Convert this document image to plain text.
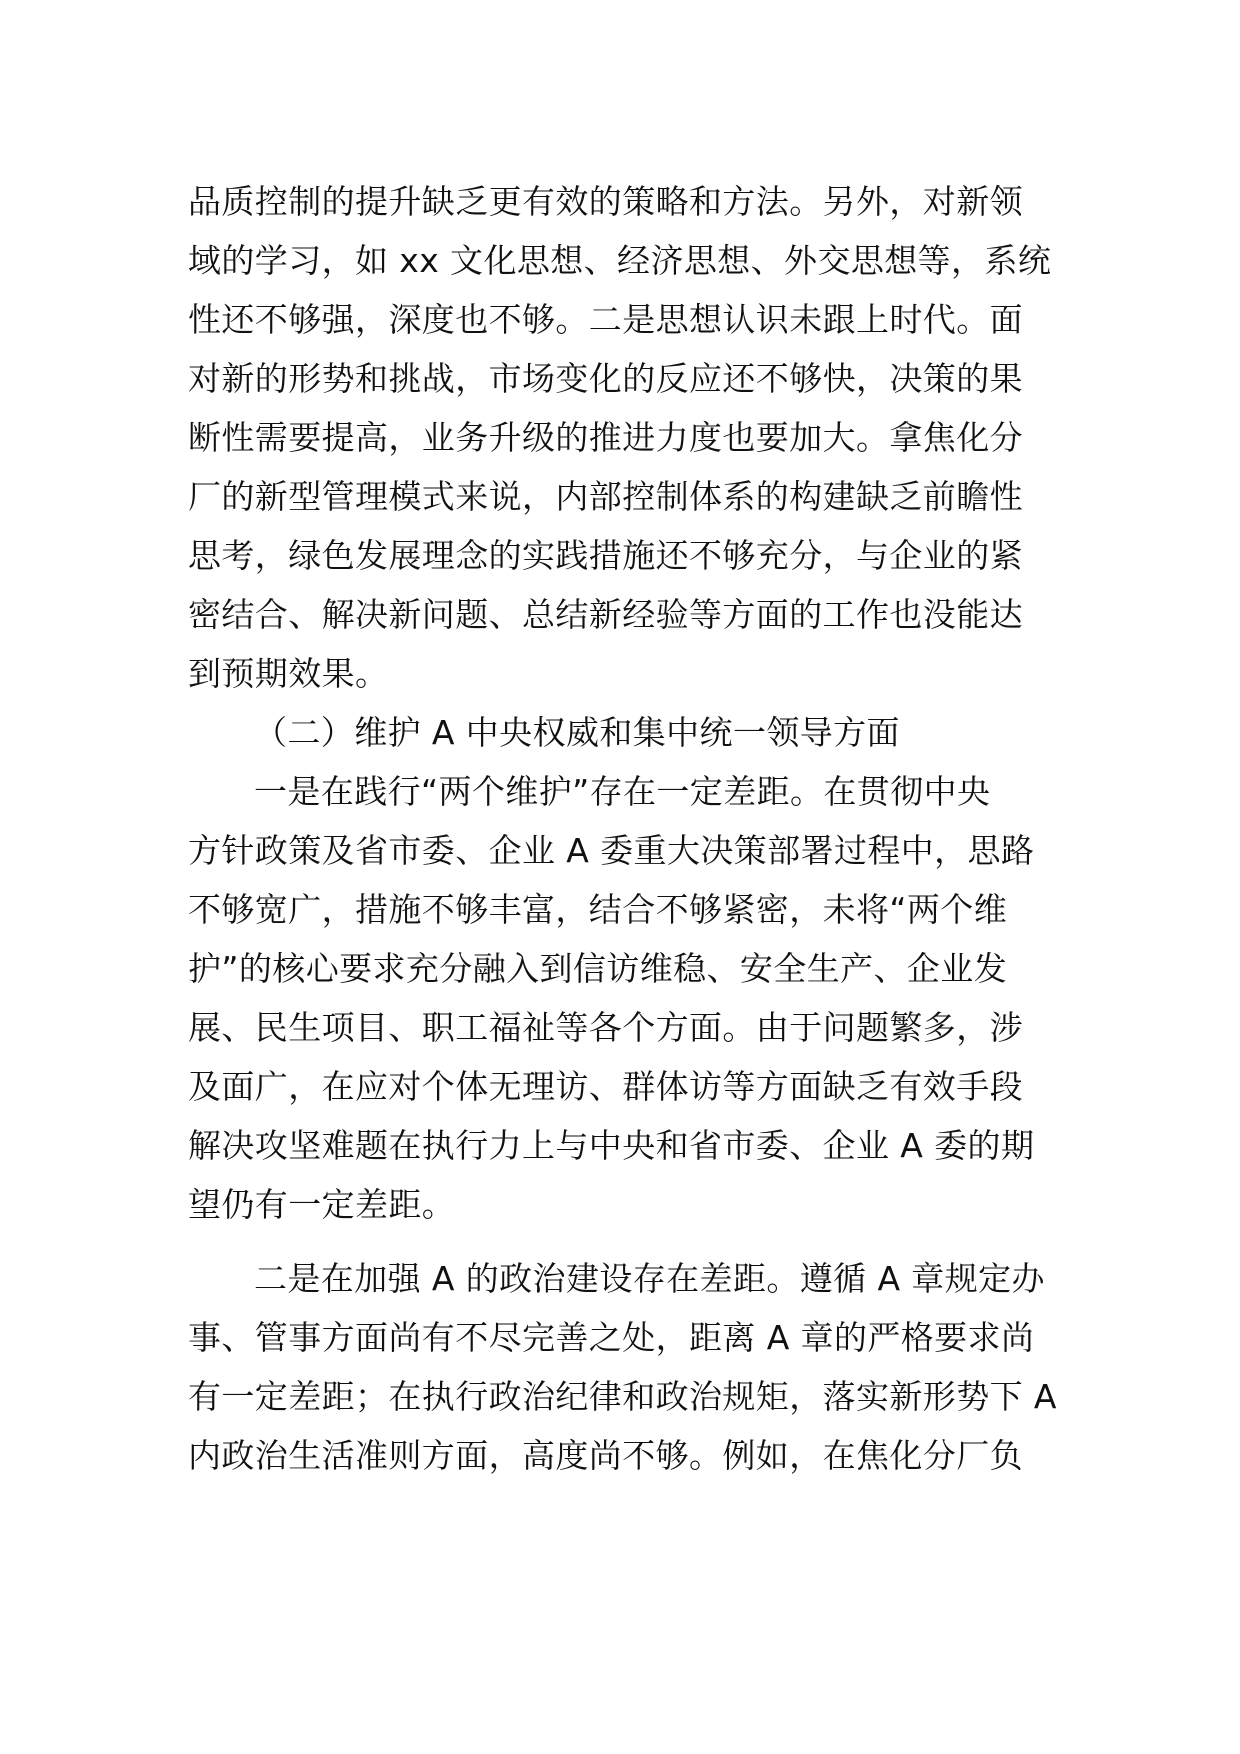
品质控制的提升缺乏更有效的策略和方法。另外，对新领
域的学习，如 xx 文化思想、经济思想、外交思想等，系统
性还不够强，深度也不够。二是思想认识未跟上时代。面
对新的形势和挑战，市场变化的反应还不够快，决策的果
断性需要提高，业务升级的推进力度也要加大。拿焦化分
厂的新型管理模式来说，内部控制体系的构建缺乏前瞻性
思考，绿色发展理念的实践措施还不够充分，与企业的紧
密结合、解决新问题、总结新经验等方面的工作也没能达
到预期效果。
（二）维护 A 中央权威和集中统一领导方面
一是在践行“两个维护”存在一定差距。在贯彻中央
方针政策及省市委、企业 A 委重大决策部署过程中，思路
不够宽广，措施不够丰富，结合不够紧密，未将“两个维
护”的核心要求充分融入到信访维稳、安全生产、企业发
展、民生项目、职工福祉等各个方面。由于问题繁多，涉
及面广，在应对个体无理访、群体访等方面缺乏有效手段
解决攻坚难题在执行力上与中央和省市委、企业 A 委的期
望仍有一定差距。
二是在加强 A 的政治建设存在差距。遵循 A 章规定办
事、管事方面尚有不尽完善之处，距离 A 章的严格要求尚
有一定差距；在执行政治纪律和政治规矩，落实新形势下 A
内政治生活准则方面，高度尚不够。例如，在焦化分厂负
